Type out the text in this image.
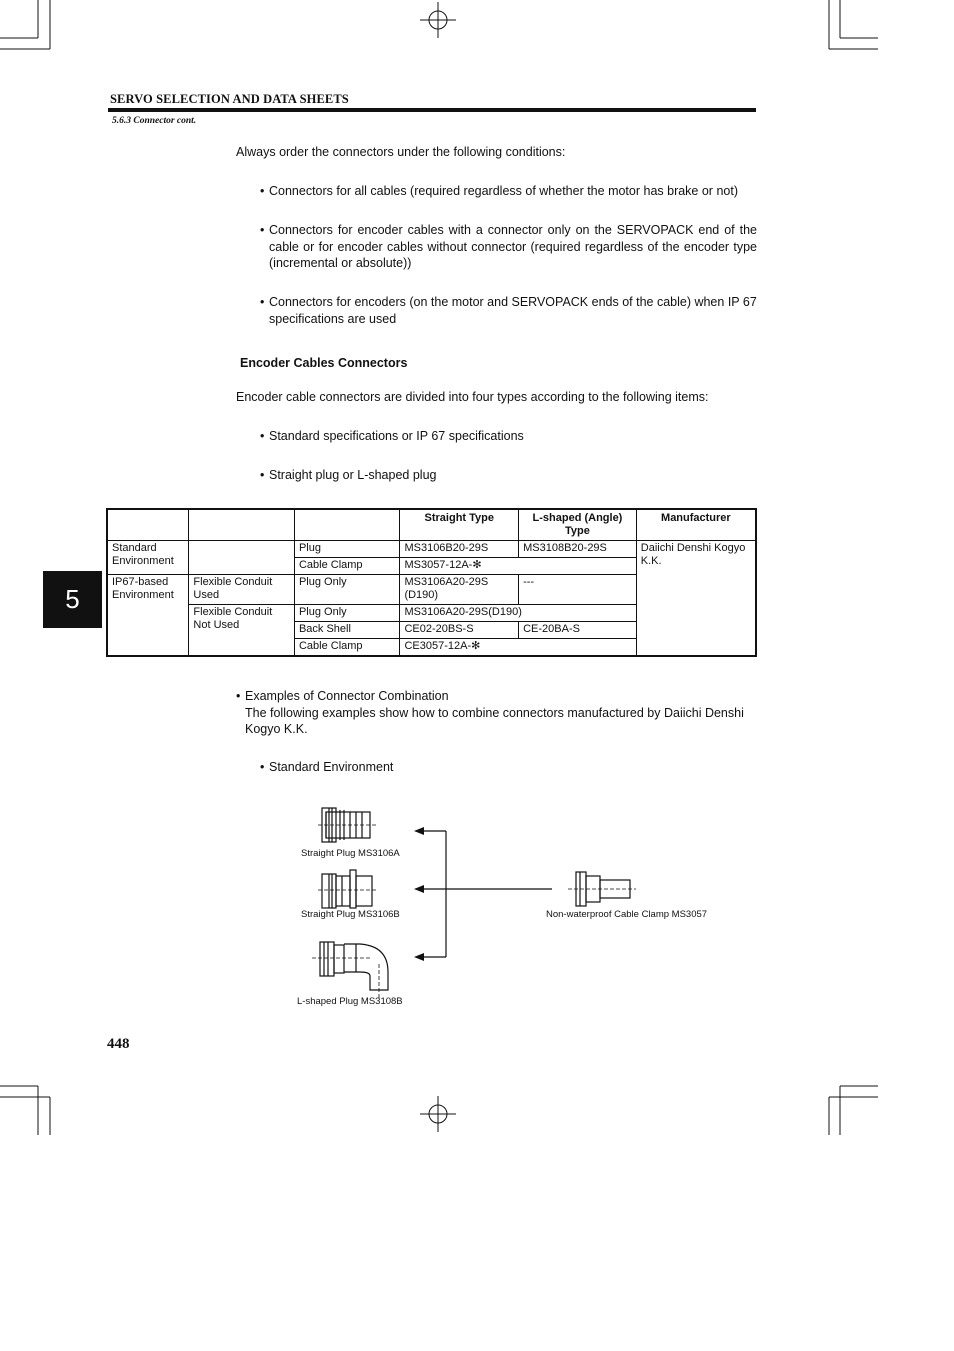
SERVO SELECTION AND DATA SHEETS
5.6.3 Connector cont.
5
Always order the connectors under the following conditions:
• Connectors for all cables (required regardless of whether the motor has brake or not)
• Connectors for encoder cables with a connector only on the SERVOPACK end of the cable or for encoder cables without connector (required regardless of the encoder type (incremental or absolute))
• Connectors for encoders (on the motor and SERVOPACK ends of the cable) when IP 67 specifications are used
Encoder Cables Connectors
Encoder cable connectors are divided into four types according to the following items:
• Standard specifications or IP 67 specifications
• Straight plug or L-shaped plug
			Straight Type	L-shaped (Angle) Type	Manufacturer
Standard Environment		Plug	MS3106B20-29S	MS3108B20-29S	Daiichi Denshi Kogyo K.K.
		Cable Clamp	MS3057-12A-✻		
IP67-based Environment	Flexible Conduit Used	Plug Only	MS3106A20-29S (D190)	---	
	Flexible Conduit Not Used	Plug Only	MS3106A20-29S(D190)		
		Back Shell	CE02-20BS-S	CE-20BA-S	
		Cable Clamp	CE3057-12A-✻		
• Examples of Connector Combination
The following examples show how to combine connectors manufactured by Daiichi Denshi Kogyo K.K.
• Standard Environment
Straight Plug MS3106A
Straight Plug MS3106B
L-shaped Plug MS3108B
Non-waterproof Cable Clamp MS3057
448
